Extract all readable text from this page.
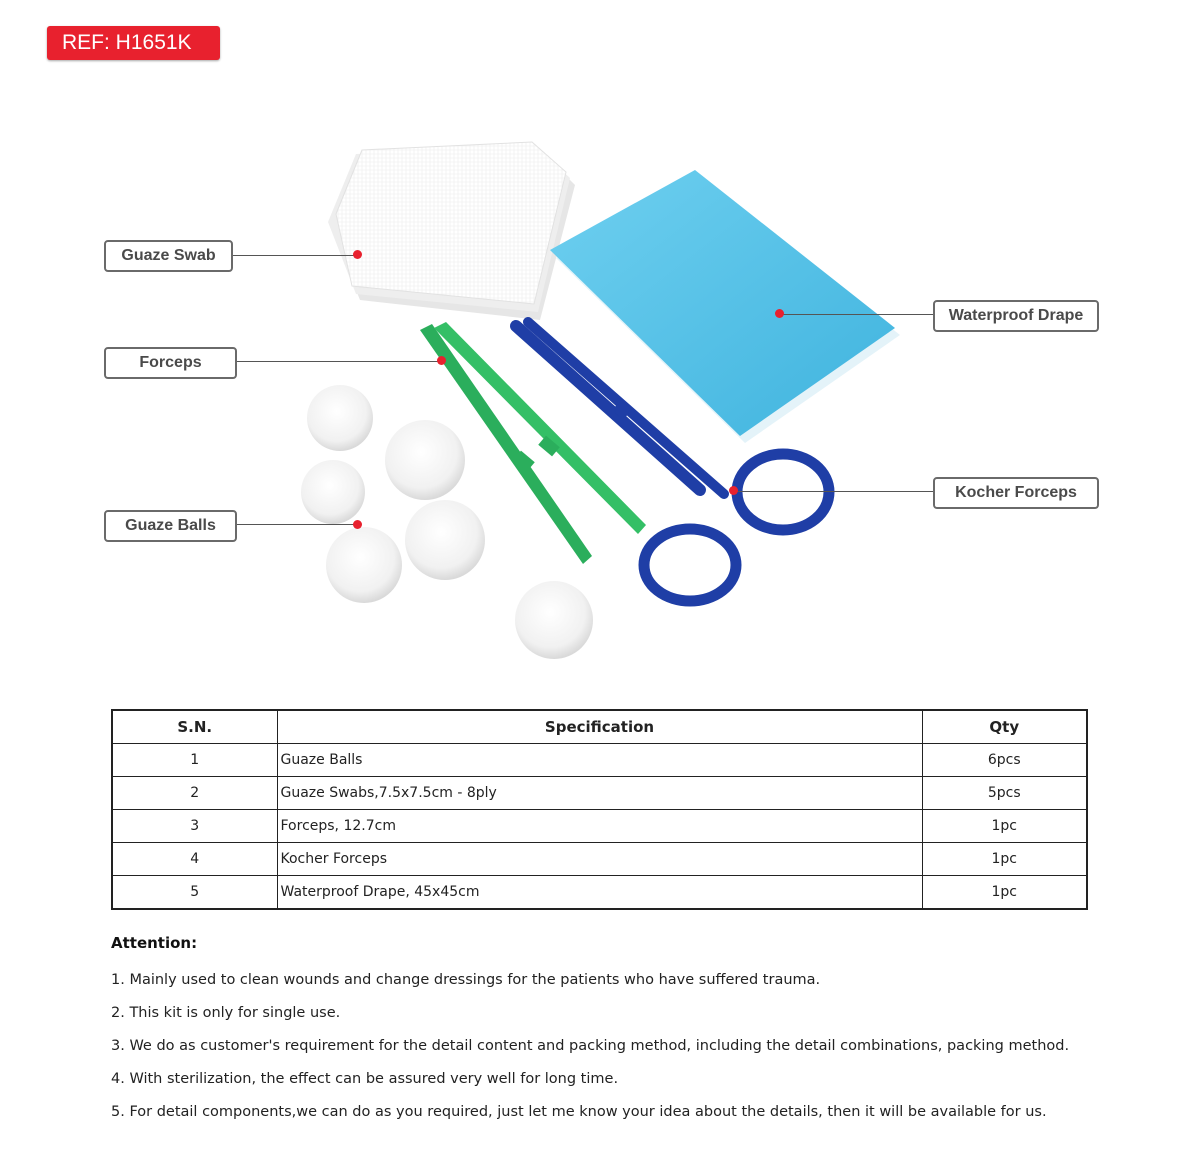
REF: H1651K
Guaze Swab
Forceps
Guaze Balls
Waterproof Drape
Kocher Forceps
S.N.	Specification	Qty
1	Guaze Balls	6pcs
2	Guaze Swabs,7.5x7.5cm - 8ply	5pcs
3	Forceps, 12.7cm	1pc
4	Kocher Forceps	1pc
5	Waterproof Drape, 45x45cm	1pc
Attention:
1. Mainly used to clean wounds and change dressings for the patients who have suffered trauma.
2. This kit is only for single use.
3. We do as customer's requirement for the detail content and packing method, including the detail combinations, packing method.
4. With sterilization, the effect can be assured very well for long time.
5. For detail components,we can do as you required, just let me know your idea about the details, then it will be available for us.
